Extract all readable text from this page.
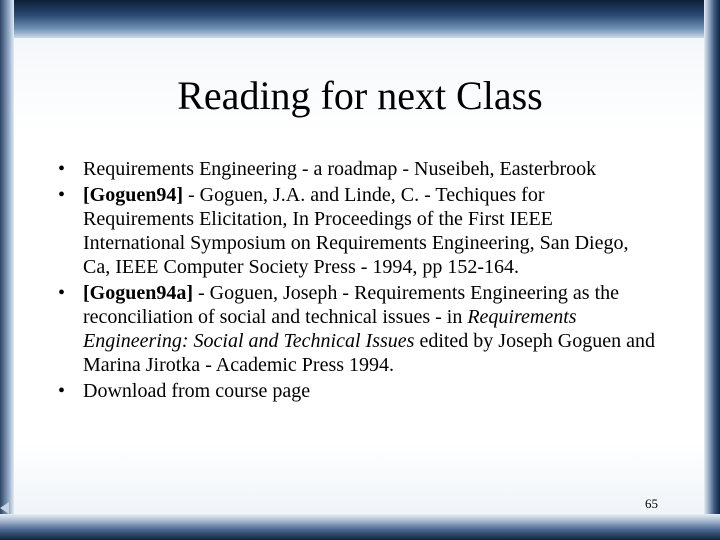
Reading for next Class
• Requirements Engineering - a roadmap - Nuseibeh, Easterbrook
• [Goguen94] - Goguen, J.A. and Linde, C. - Techiques for Requirements Elicitation, In Proceedings of the First IEEE International Symposium on Requirements Engineering, San Diego, Ca, IEEE Computer Society Press - 1994, pp 152-164.
• [Goguen94a] - Goguen, Joseph - Requirements Engineering as the reconciliation of social and technical issues - in Requirements Engineering: Social and Technical Issues edited by Joseph Goguen and Marina Jirotka - Academic Press 1994.
• Download from course page
65
